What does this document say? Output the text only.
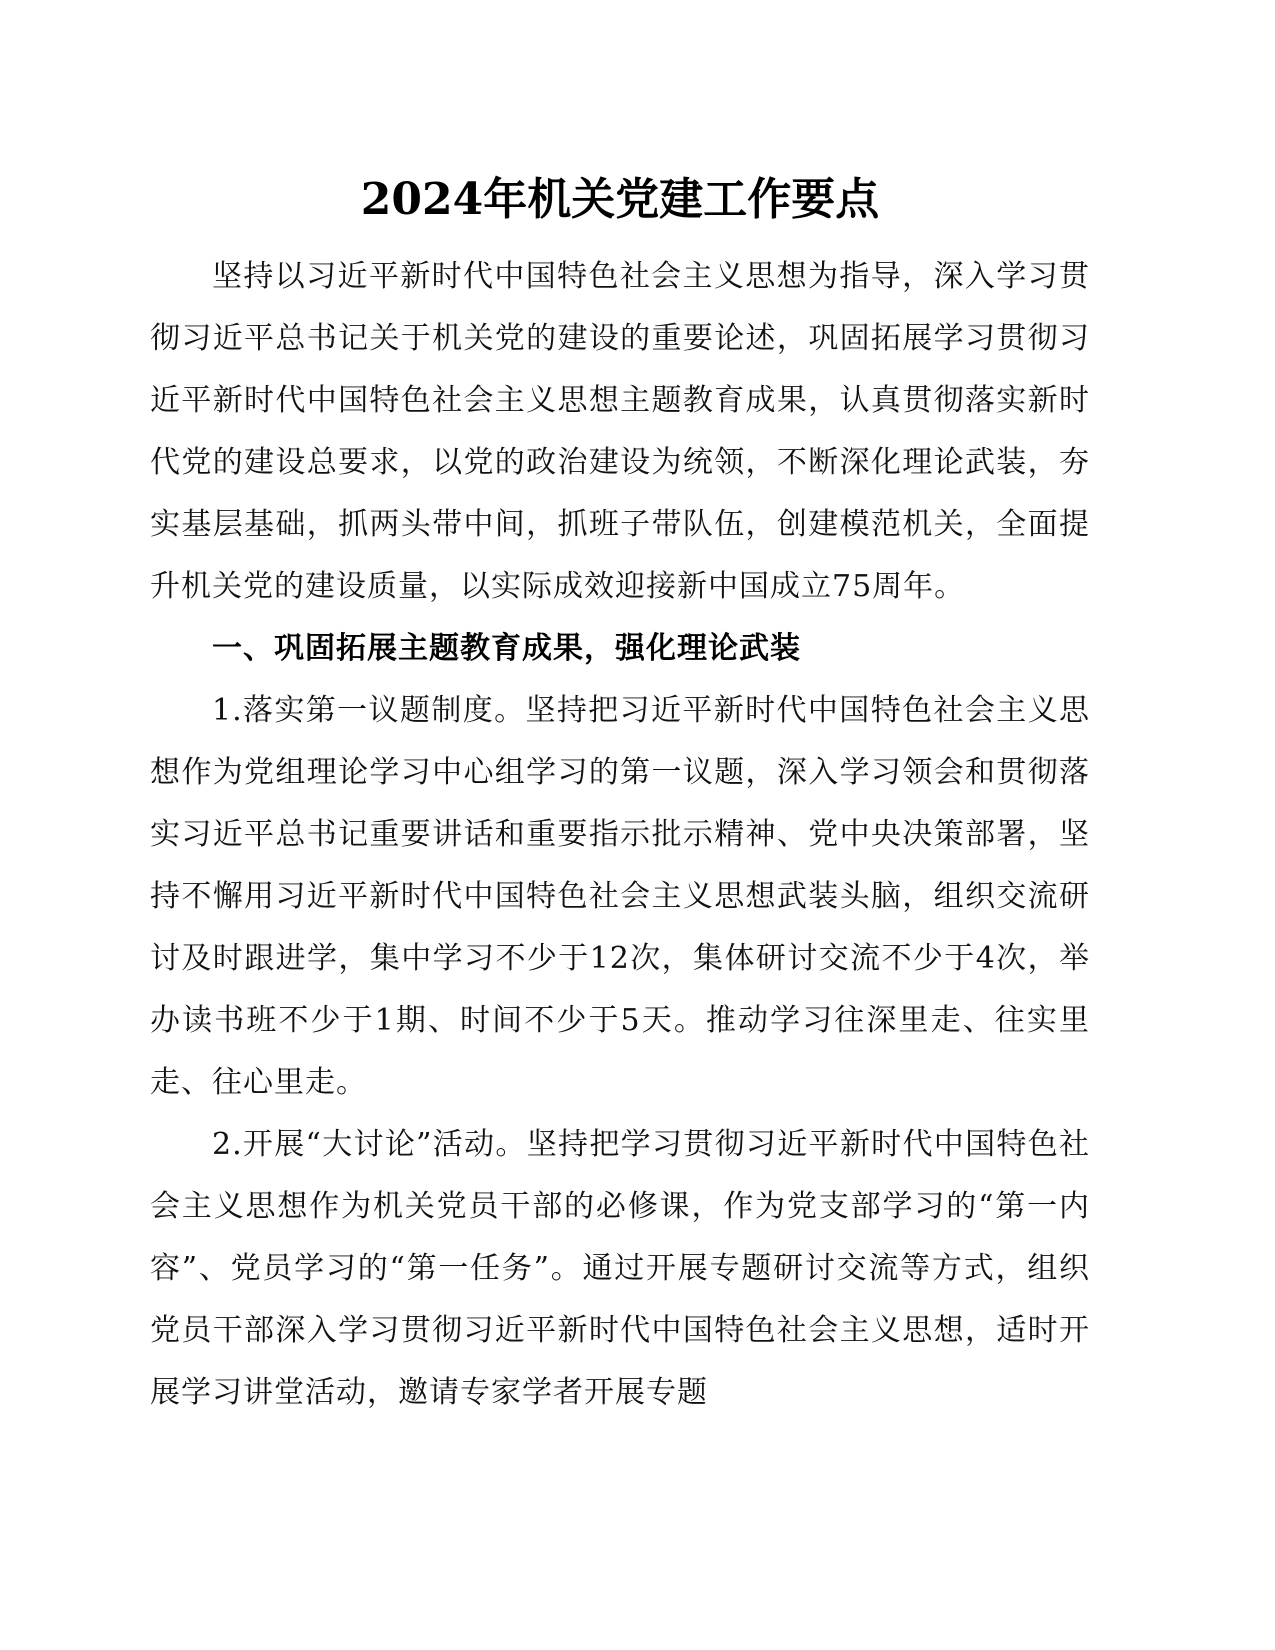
2024年机关党建工作要点

坚持以习近平新时代中国特色社会主义思想为指导，深入学习贯彻习近平总书记关于机关党的建设的重要论述，巩固拓展学习贯彻习近平新时代中国特色社会主义思想主题教育成果，认真贯彻落实新时代党的建设总要求，以党的政治建设为统领，不断深化理论武装，夯实基层基础，抓两头带中间，抓班子带队伍，创建模范机关，全面提升机关党的建设质量，以实际成效迎接新中国成立75周年。

一、巩固拓展主题教育成果，强化理论武装

1.落实第一议题制度。坚持把习近平新时代中国特色社会主义思想作为党组理论学习中心组学习的第一议题，深入学习领会和贯彻落实习近平总书记重要讲话和重要指示批示精神、党中央决策部署，坚持不懈用习近平新时代中国特色社会主义思想武装头脑，组织交流研讨及时跟进学，集中学习不少于12次，集体研讨交流不少于4次，举办读书班不少于1期、时间不少于5天。推动学习往深里走、往实里走、往心里走。

2.开展“大讨论”活动。坚持把学习贯彻习近平新时代中国特色社会主义思想作为机关党员干部的必修课，作为党支部学习的“第一内容”、党员学习的“第一任务”。通过开展专题研讨交流等方式，组织党员干部深入学习贯彻习近平新时代中国特色社会主义思想，适时开展学习讲堂活动，邀请专家学者开展专题
